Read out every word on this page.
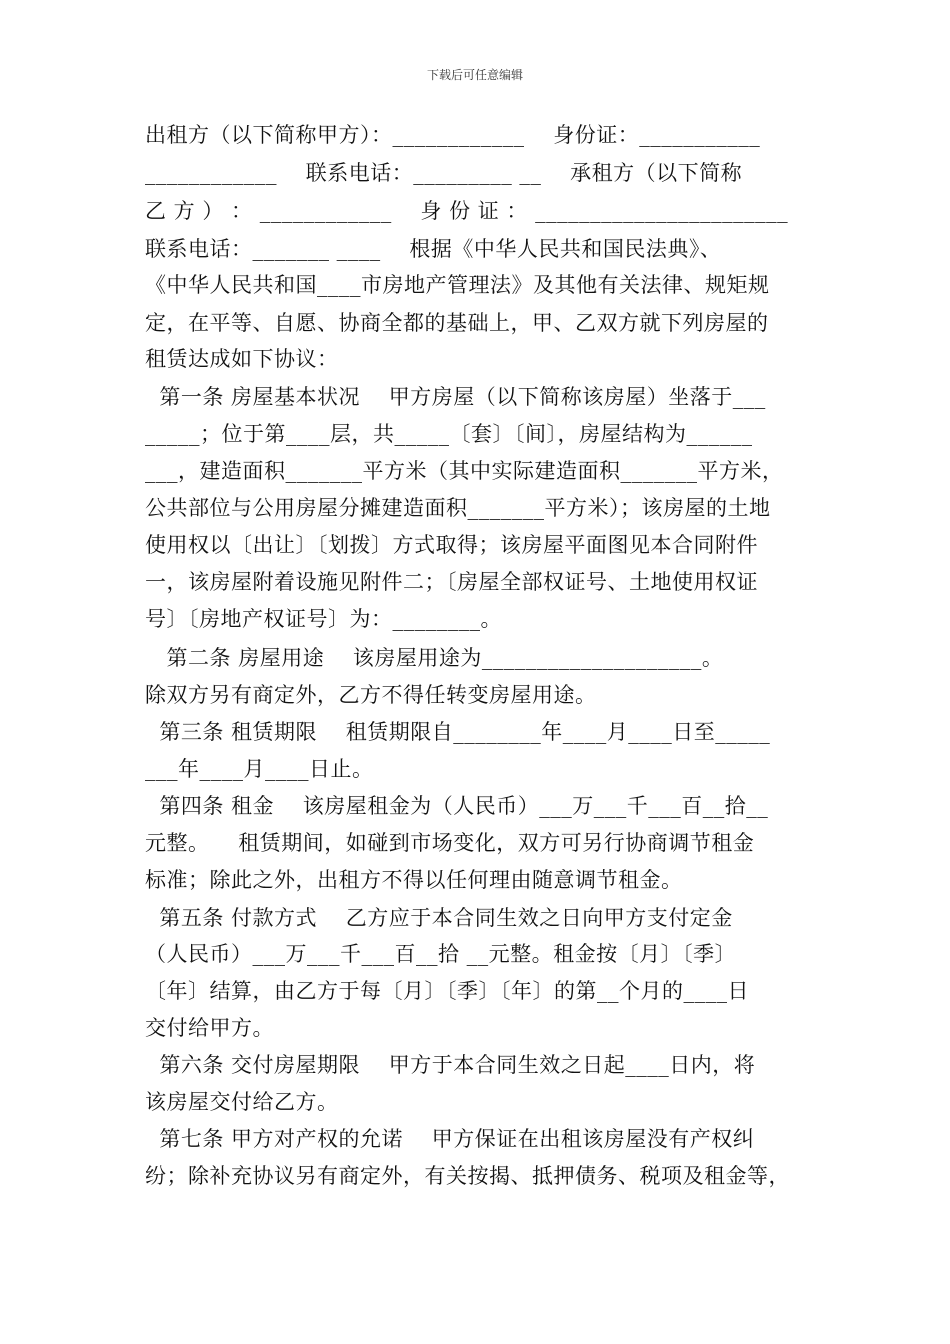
下载后可任意编辑
出租方（以下简称甲方）：____________    身份证：___________
____________    联系电话：_________ __    承租方（以下简称
乙 方 ） ： ____________    身 份 证 ： _______________________
联系电话：_______ ____    根据《中华人民共和国民法典》、
《中华人民共和国____市房地产管理法》及其他有关法律、规矩规
定，在平等、自愿、协商全都的基础上，甲、乙双方就下列房屋的
租赁达成如下协议：
第一条 房屋基本状况    甲方房屋（以下简称该房屋）坐落于___
_____；位于第____层，共_____〔套〕〔间〕，房屋结构为______
___，建造面积_______平方米（其中实际建造面积_______平方米，
公共部位与公用房屋分摊建造面积_______平方米）；该房屋的土地
使用权以〔出让〕〔划拨〕方式取得；该房屋平面图见本合同附件
一，该房屋附着设施见附件二；〔房屋全部权证号、土地使用权证
号〕〔房地产权证号〕为：________。
第二条 房屋用途    该房屋用途为____________________。
除双方另有商定外，乙方不得任转变房屋用途。
第三条 租赁期限    租赁期限自________年____月____日至_____
___年____月____日止。
第四条 租金    该房屋租金为（人民币）___万___千___百__拾__
元整。    租赁期间，如碰到市场变化，双方可另行协商调节租金
标准；除此之外，出租方不得以任何理由随意调节租金。
第五条 付款方式    乙方应于本合同生效之日向甲方支付定金
（人民币）___万___千___百__拾 __元整。租金按〔月〕〔季〕
〔年〕结算，由乙方于每〔月〕〔季〕〔年〕的第__个月的____日
交付给甲方。
第六条 交付房屋期限    甲方于本合同生效之日起____日内，将
该房屋交付给乙方。
第七条 甲方对产权的允诺    甲方保证在出租该房屋没有产权纠
纷；除补充协议另有商定外，有关按揭、抵押债务、税项及租金等，
